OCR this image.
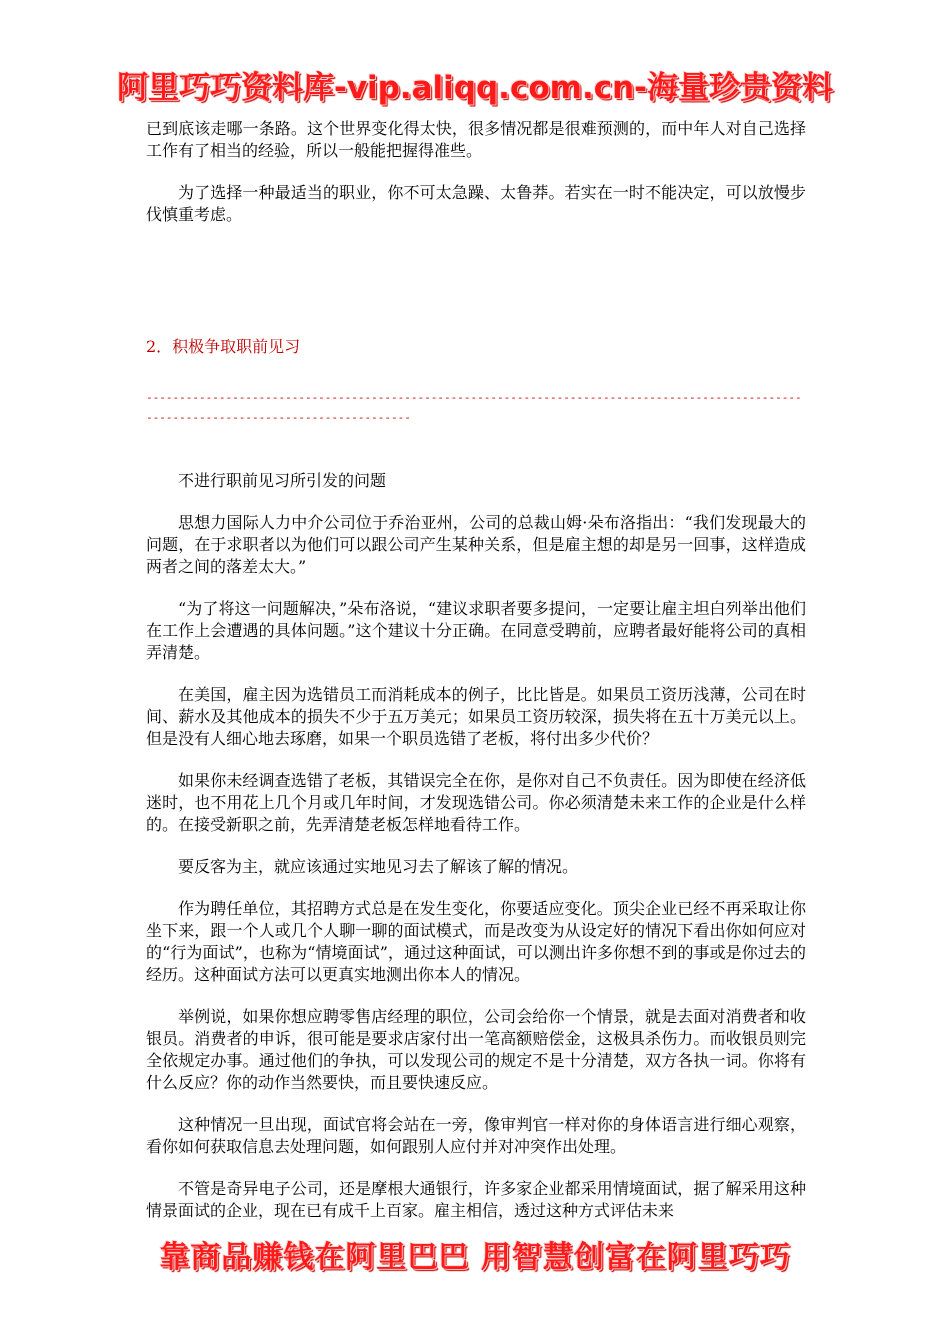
阿里巧巧资料库-vip.aliqq.com.cn-海量珍贵资料

已到底该走哪一条路。这个世界变化得太快，很多情况都是很难预测的，而中年人对自己选择工作有了相当的经验，所以一般能把握得准些。

为了选择一种最适当的职业，你不可太急躁、太鲁莽。若实在一时不能决定，可以放慢步伐慎重考虑。

2．积极争取职前见习

-------------------------------------------------------------------------------------------------------------------------------------------

不进行职前见习所引发的问题

思想力国际人力中介公司位于乔治亚州，公司的总裁山姆·朵布洛指出：“我们发现最大的问题，在于求职者以为他们可以跟公司产生某种关系，但是雇主想的却是另一回事，这样造成两者之间的落差太大。”

“为了将这一问题解决，”朵布洛说，“建议求职者要多提问，一定要让雇主坦白列举出他们在工作上会遭遇的具体问题。”这个建议十分正确。在同意受聘前，应聘者最好能将公司的真相弄清楚。

在美国，雇主因为选错员工而消耗成本的例子，比比皆是。如果员工资历浅薄，公司在时间、薪水及其他成本的损失不少于五万美元；如果员工资历较深，损失将在五十万美元以上。但是没有人细心地去琢磨，如果一个职员选错了老板，将付出多少代价？

如果你未经调查选错了老板，其错误完全在你，是你对自己不负责任。因为即使在经济低迷时，也不用花上几个月或几年时间，才发现选错公司。你必须清楚未来工作的企业是什么样的。在接受新职之前，先弄清楚老板怎样地看待工作。

要反客为主，就应该通过实地见习去了解该了解的情况。

作为聘任单位，其招聘方式总是在发生变化，你要适应变化。顶尖企业已经不再采取让你坐下来，跟一个人或几个人聊一聊的面试模式，而是改变为从设定好的情况下看出你如何应对的“行为面试”，也称为“情境面试”，通过这种面试，可以测出许多你想不到的事或是你过去的经历。这种面试方法可以更真实地测出你本人的情况。

举例说，如果你想应聘零售店经理的职位，公司会给你一个情景，就是去面对消费者和收银员。消费者的申诉，很可能是要求店家付出一笔高额赔偿金，这极具杀伤力。而收银员则完全依规定办事。通过他们的争执，可以发现公司的规定不是十分清楚，双方各执一词。你将有什么反应？你的动作当然要快，而且要快速反应。

这种情况一旦出现，面试官将会站在一旁，像审判官一样对你的身体语言进行细心观察，看你如何获取信息去处理问题，如何跟别人应付并对冲突作出处理。

不管是奇异电子公司，还是摩根大通银行，许多家企业都采用情境面试，据了解采用这种情景面试的企业，现在已有成千上百家。雇主相信，透过这种方式评估未来

靠商品赚钱在阿里巴巴 用智慧创富在阿里巧巧
